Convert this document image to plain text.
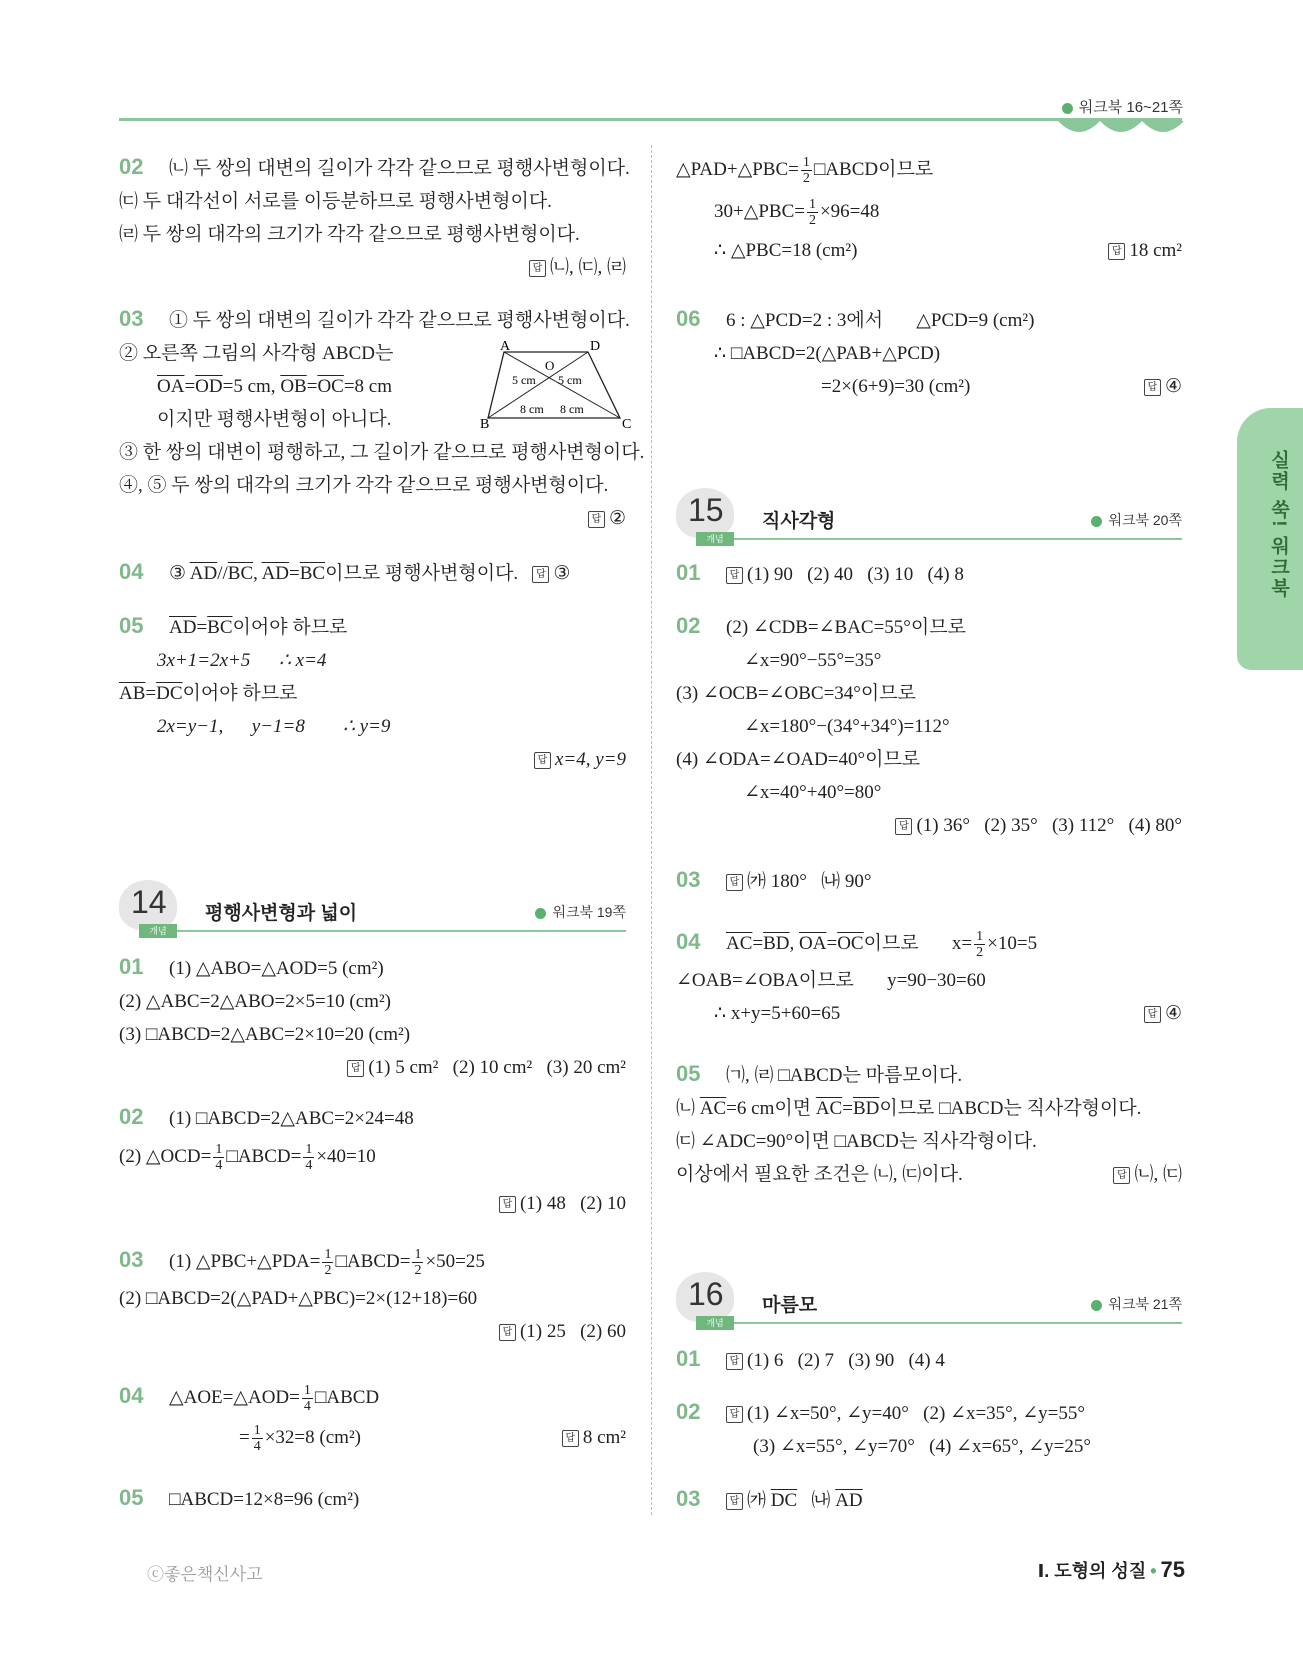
워크북 16~21쪽
실력 쑥! 워크북
02 ㈁ 두 쌍의 대변의 길이가 각각 같으므로 평행사변형이다.
㈂ 두 대각선이 서로를 이등분하므로 평행사변형이다.
㈃ 두 쌍의 대각의 크기가 각각 같으므로 평행사변형이다.
답 ㈁, ㈂, ㈃
03 ① 두 쌍의 대변의 길이가 각각 같으므로 평행사변형이다.
② 오른쪽 그림의 사각형 ABCD는
$\overline{OA}=\overline{OD}=5$ cm, $\overline{OB}=\overline{OC}=8$ cm
이지만 평행사변형이 아니다.
③ 한 쌍의 대변이 평행하고, 그 길이가 같으므로 평행사변형이다.
④, ⑤ 두 쌍의 대각의 크기가 각각 같으므로 평행사변형이다.
답 ②
A	D
B	C
O
5 cm 5 cm
8 cm 8 cm
04 ③ $\overline{AD}//\overline{BC}$, $\overline{AD}=\overline{BC}$이므로 평행사변형이다. 답 ③
05 $\overline{AD}=\overline{BC}$이어야 하므로
3x+1=2x+5      ∴ x=4
$\overline{AB}=\overline{DC}$이어야 하므로
2x=y−1,      y−1=8        ∴ y=9
답 x=4, y=9
14
개념
평행사변형과 넓이	워크북 19쪽
01 (1) △ABO=△AOD=5 (cm²)
(2) △ABC=2△ABO=2×5=10 (cm²)
(3) □ABCD=2△ABC=2×10=20 (cm²)
답 (1) 5 cm²   (2) 10 cm²   (3) 20 cm²
02 (1) □ABCD=2△ABC=2×24=48
(2) △OCD= $\frac{1}{4}$ □ABCD= $\frac{1}{4} \times 40=10$
답 (1) 48   (2) 10
03 (1) △PBC+△PDA= $\frac{1}{2}$ □ABCD= $\frac{1}{2} \times 50=25$
(2) □ABCD=2(△PAD+△PBC)=2×(12+18)=60
답 (1) 25   (2) 60
04 △AOE=△AOD= $\frac{1}{4}$ □ABCD
= $\frac{1}{4} \times 32=8$ (cm²)	답 8 cm²
05 □ABCD=12×8=96 (cm²)
△PAD+△PBC= $\frac{1}{2}$ □ABCD이므로
30+△PBC= $\frac{1}{2} \times 96=48$
∴ △PBC=18 (cm²)	답 18 cm²
06 6 : △PCD=2 : 3에서       △PCD=9 (cm²)
∴ □ABCD=2(△PAB+△PCD)
=2×(6+9)=30 (cm²)	답 ④
15
개념
직사각형	워크북 20쪽
01	답 (1) 90   (2) 40   (3) 10   (4) 8
02 (2) ∠CDB=∠BAC=55°이므로
∠x=90°−55°=35°
(3) ∠OCB=∠OBC=34°이므로
∠x=180°−(34°+34°)=112°
(4) ∠ODA=∠OAD=40°이므로
∠x=40°+40°=80°
답 (1) 36°   (2) 35°   (3) 112°   (4) 80°
03	답 ㈎ 180°   ㈏ 90°
04 $\overline{AC}=\overline{BD}$, $\overline{OA}=\overline{OC}$이므로       $x= \frac{1}{2} \times 10=5$
∠OAB=∠OBA이므로       y=90−30=60
∴ x+y=5+60=65	답 ④
05 ㈀, ㈃ □ABCD는 마름모이다.
㈁ $\overline{AC}=6$ cm이면 $\overline{AC}=\overline{BD}$이므로 □ABCD는 직사각형이다.
㈂ ∠ADC=90°이면 □ABCD는 직사각형이다.
이상에서 필요한 조건은 ㈁, ㈂이다.	답 ㈁, ㈂
16
개념
마름모	워크북 21쪽
01	답 (1) 6   (2) 7   (3) 90   (4) 4
02	답 (1) ∠x=50°, ∠y=40°   (2) ∠x=35°, ∠y=55°
(3) ∠x=55°, ∠y=70°   (4) ∠x=65°, ∠y=25°
03	답 ㈎ $\overline{DC}$   ㈏ $\overline{AD}$
ⓒ좋은책신사고	Ⅰ. 도형의 성질 • 75
